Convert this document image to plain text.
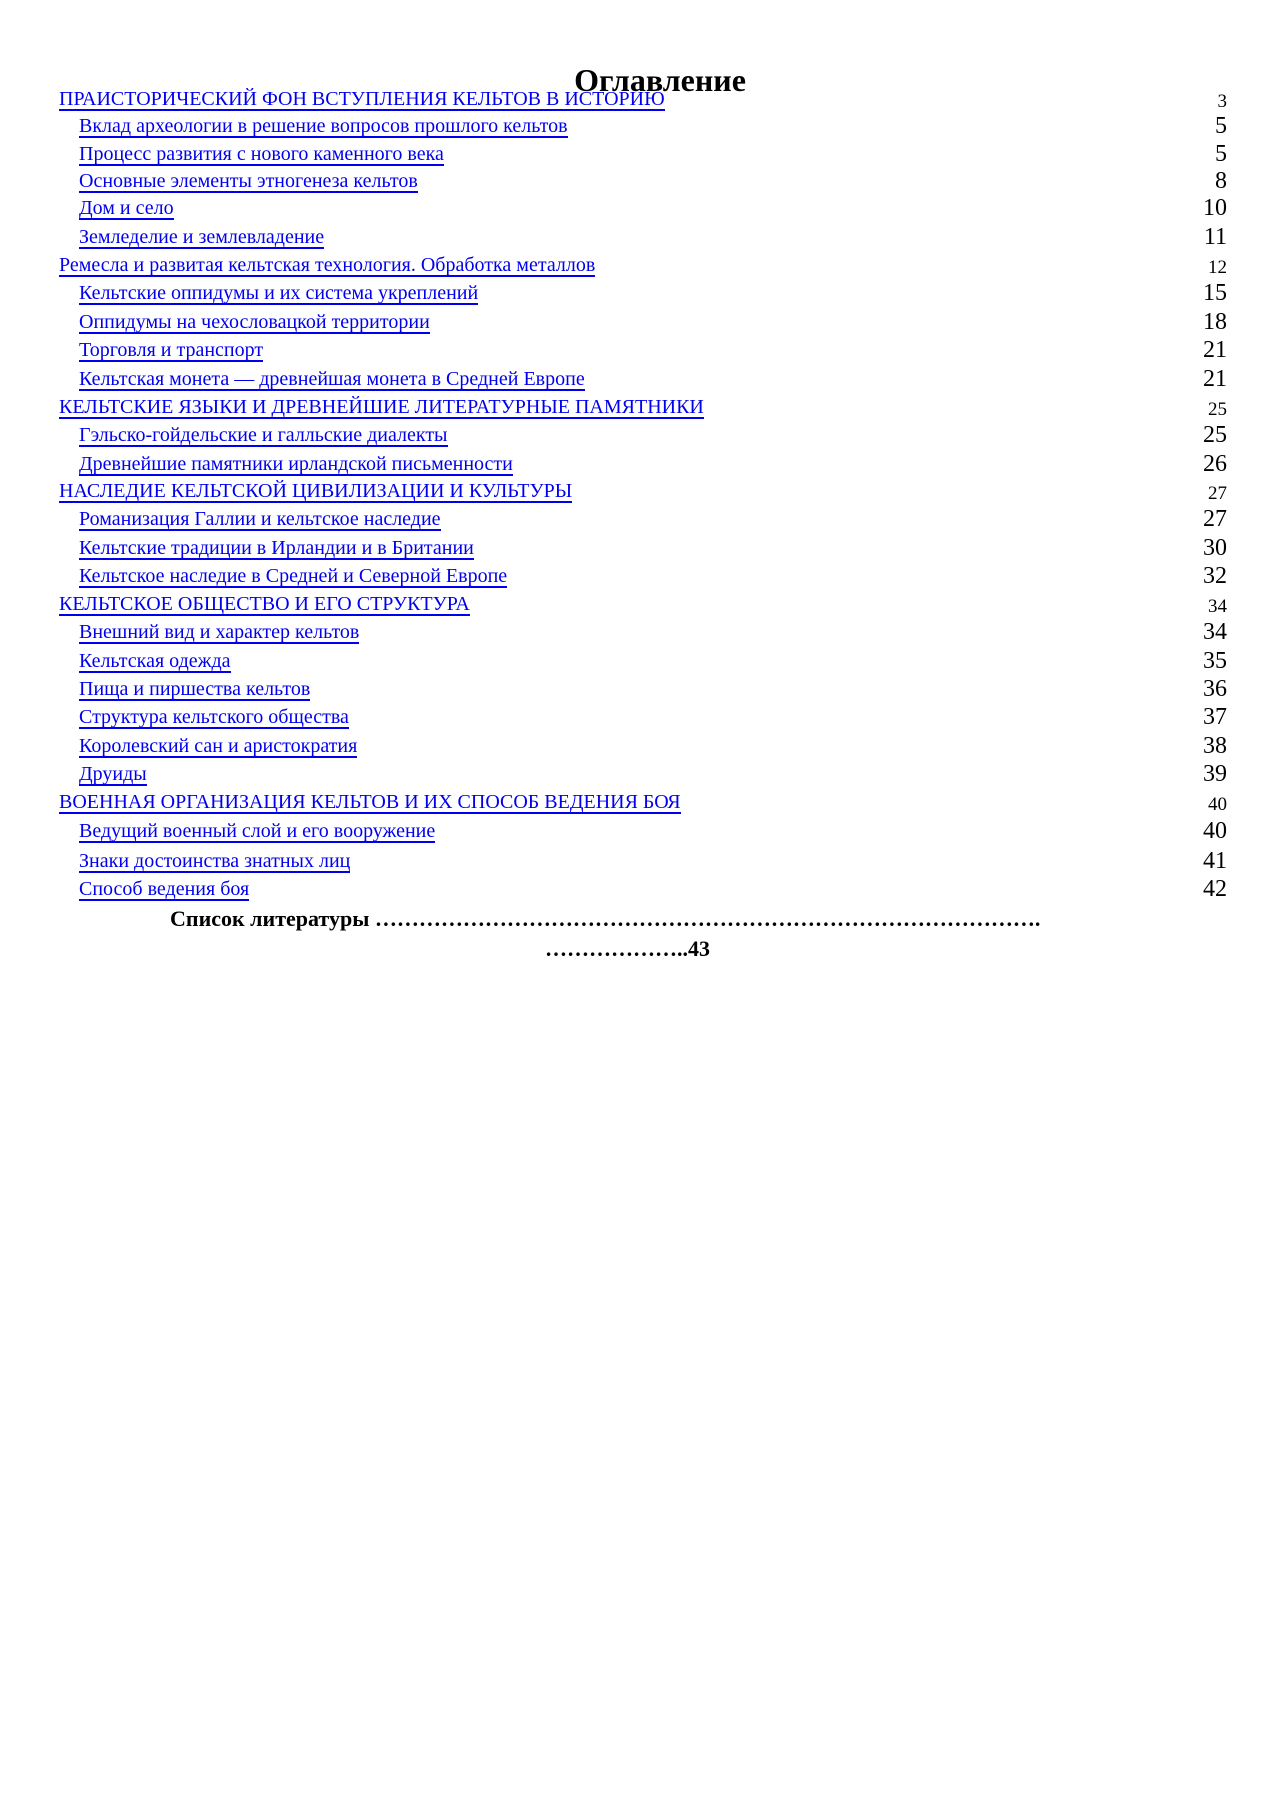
Оглавление
ПРАИСТОРИЧЕСКИЙ ФОН ВСТУПЛЕНИЯ КЕЛЬТОВ В ИСТОРИЮ	3
Вклад археологии в решение вопросов прошлого кельтов	5
Процесс развития с нового каменного века	5
Основные элементы этногенеза кельтов	8
Дом и село	10
Земледелие и землевладение	11
Ремесла и развитая кельтская технология. Обработка металлов	12
Кельтские оппидумы и их система укреплений	15
Оппидумы на чехословацкой территории	18
Торговля и транспорт	21
Кельтская монета — древнейшая монета в Средней Европе	21
КЕЛЬТСКИЕ ЯЗЫКИ И ДРЕВНЕЙШИЕ ЛИТЕРАТУРНЫЕ ПАМЯТНИКИ	25
Гэльско-гойдельские и галльские диалекты	25
Древнейшие памятники ирландской письменности	26
НАСЛЕДИЕ КЕЛЬТСКОЙ ЦИВИЛИЗАЦИИ И КУЛЬТУРЫ	27
Романизация Галлии и кельтское наследие	27
Кельтские традиции в Ирландии и в Британии	30
Кельтское наследие в Средней и Северной Европе	32
КЕЛЬТСКОЕ ОБЩЕСТВО И ЕГО СТРУКТУРА	34
Внешний вид и характер кельтов	34
Кельтская одежда	35
Пища и пиршества кельтов	36
Структура кельтского общества	37
Королевский сан и аристократия	38
Друиды	39
ВОЕННАЯ ОРГАНИЗАЦИЯ КЕЛЬТОВ И ИХ СПОСОБ ВЕДЕНИЯ БОЯ	40
Ведущий военный слой и его вооружение	40
Знаки достоинства знатных лиц	41
Способ ведения боя	42
Список литературы ……………………………………………………………………………….
………………..43
